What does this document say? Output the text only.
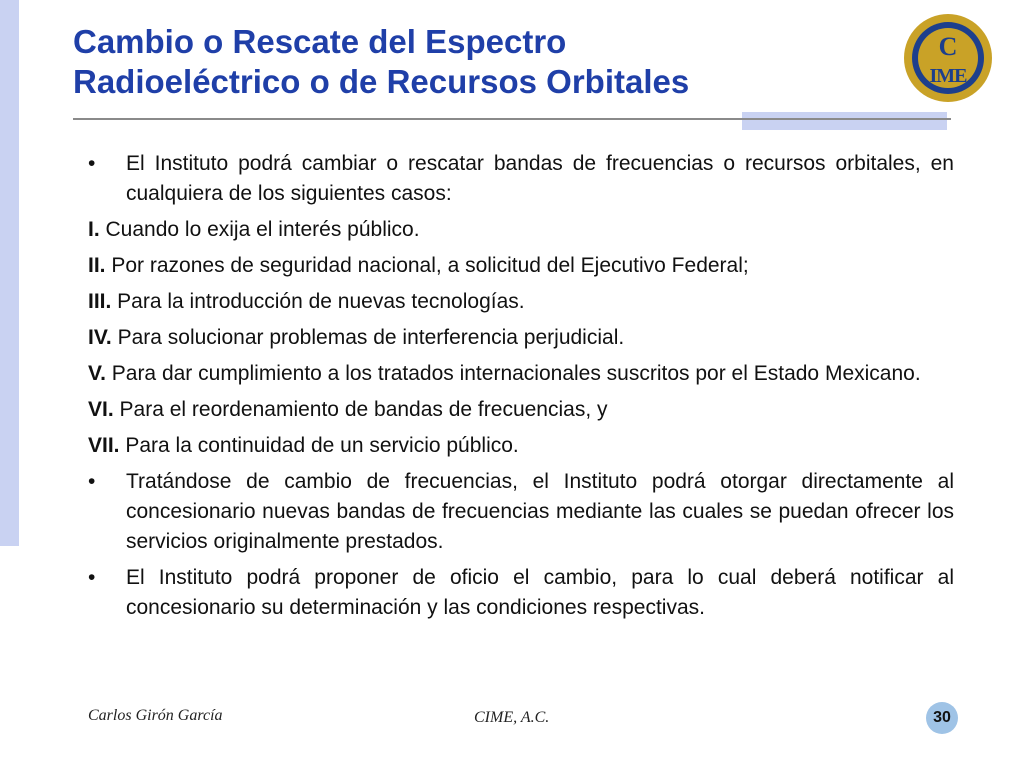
Cambio o Rescate del Espectro
Radioeléctrico o de Recursos Orbitales
C
IME
• El Instituto podrá cambiar o rescatar bandas de frecuencias o recursos orbitales, en cualquiera de los siguientes casos:
I. Cuando lo exija el interés público.
II. Por razones de seguridad nacional, a solicitud del Ejecutivo Federal;
III. Para la introducción de nuevas tecnologías.
IV. Para solucionar problemas de interferencia perjudicial.
V. Para dar cumplimiento a los tratados internacionales suscritos por el Estado Mexicano.
VI. Para el reordenamiento de bandas de frecuencias, y
VII. Para la continuidad de un servicio público.
• Tratándose de cambio de frecuencias, el Instituto podrá otorgar directamente al concesionario nuevas bandas de frecuencias mediante las cuales se puedan ofrecer los servicios originalmente prestados.
• El Instituto podrá proponer de oficio el cambio, para lo cual deberá notificar al concesionario su determinación y las condiciones respectivas.
Carlos Girón García	CIME, A.C.	30
